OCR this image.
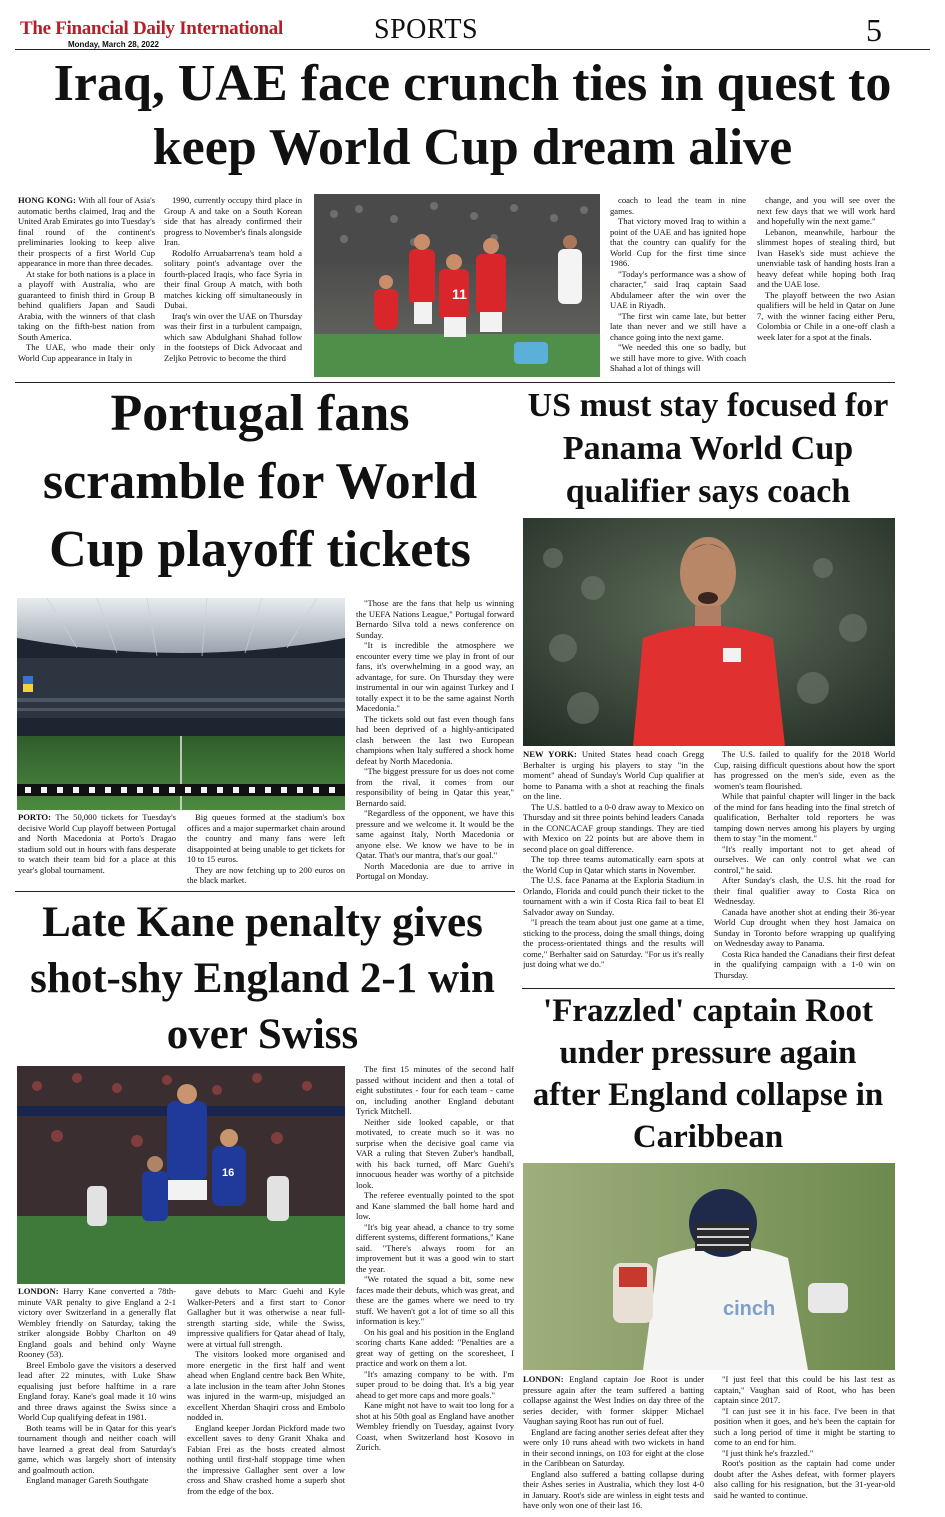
The Financial Daily International
Monday, March 28, 2022	SPORTS	5
Iraq, UAE face crunch ties in quest to keep World Cup dream alive

HONG KONG: With all four of Asia's automatic berths claimed, Iraq and the United Arab Emirates go into Tuesday's final round of the continent's preliminaries looking to keep alive their prospects of a first World Cup appearance in more than three decades.

At stake for both nations is a place in a playoff with Australia, who are guaranteed to finish third in Group B behind qualifiers Japan and Saudi Arabia, with the winners of that clash taking on the fifth-best nation from South America.

The UAE, who made their only World Cup appearance in Italy in

1990, currently occupy third place in Group A and take on a South Korean side that has already confirmed their progress to November's finals alongside Iran.

Rodolfo Arruabarrena's team hold a solitary point's advantage over the fourth-placed Iraqis, who face Syria in their final Group A match, with both matches kicking off simultaneously in Dubai.

Iraq's win over the UAE on Thursday was their first in a turbulent campaign, which saw Abdulghani Shahad follow in the footsteps of Dick Advocaat and Zeljko Petrovic to become the third

11

coach to lead the team in nine games.

That victory moved Iraq to within a point of the UAE and has ignited hope that the country can qualify for the World Cup for the first time since 1986.

"Today's performance was a show of character," said Iraq captain Saad Abdulameer after the win over the UAE in Riyadh.

"The first win came late, but better late than never and we still have a chance going into the next game.

"We needed this one so badly, but we still have more to give. With coach Shahad a lot of things will

change, and you will see over the next few days that we will work hard and hopefully win the next game."

Lebanon, meanwhile, harbour the slimmest hopes of stealing third, but Ivan Hasek's side must achieve the unenviable task of handing hosts Iran a heavy defeat while hoping both Iraq and the UAE lose.

The playoff between the two Asian qualifiers will be held in Qatar on June 7, with the winner facing either Peru, Colombia or Chile in a one-off clash a week later for a spot at the finals.

Portugal fans scramble for World Cup playoff tickets

PORTO: The 50,000 tickets for Tuesday's decisive World Cup playoff between Portugal and North Macedonia at Porto's Dragao stadium sold out in hours with fans desperate to watch their team bid for a place at this year's global tournament.

Big queues formed at the stadium's box offices and a major supermarket chain around the country and many fans were left disappointed at being unable to get tickets for 10 to 15 euros.

They are now fetching up to 200 euros on the black market.

"Those are the fans that help us winning the UEFA Nations League," Portugal forward Bernardo Silva told a news conference on Sunday.

"It is incredible the atmosphere we encounter every time we play in front of our fans, it's overwhelming in a good way, an advantage, for sure. On Thursday they were instrumental in our win against Turkey and I totally expect it to be the same against North Macedonia."

The tickets sold out fast even though fans had been deprived of a highly-anticipated clash between the last two European champions when Italy suffered a shock home defeat by North Macedonia.

"The biggest pressure for us does not come from the rival, it comes from our responsibility of being in Qatar this year," Bernardo said.

"Regardless of the opponent, we have this pressure and we welcome it. It would be the same against Italy, North Macedonia or anyone else. We know we have to be in Qatar. That's our mantra, that's our goal."

North Macedonia are due to arrive in Portugal on Monday.

US must stay focused for Panama World Cup qualifier says coach

NEW YORK: United States head coach Gregg Berhalter is urging his players to stay "in the moment" ahead of Sunday's World Cup qualifier at home to Panama with a shot at reaching the finals on the line.

The U.S. battled to a 0-0 draw away to Mexico on Thursday and sit three points behind leaders Canada in the CONCACAF group standings. They are tied with Mexico on 22 points but are above them in second place on goal difference.

The top three teams automatically earn spots at the World Cup in Qatar which starts in November.

The U.S. face Panama at the Exploria Stadium in Orlando, Florida and could punch their ticket to the tournament with a win if Costa Rica fail to beat El Salvador away on Sunday.

"I preach the team about just one game at a time, sticking to the process, doing the small things, doing the process-orientated things and the results will come," Berhalter said on Saturday. "For us it's really just doing what we do."

The U.S. failed to qualify for the 2018 World Cup, raising difficult questions about how the sport has progressed on the men's side, even as the women's team flourished.

While that painful chapter will linger in the back of the mind for fans heading into the final stretch of qualification, Berhalter told reporters he was tamping down nerves among his players by urging them to stay "in the moment."

"It's really important not to get ahead of ourselves. We can only control what we can control," he said.

After Sunday's clash, the U.S. hit the road for their final qualifier away to Costa Rica on Wednesday.

Canada have another shot at ending their 36-year World Cup drought when they host Jamaica on Sunday in Toronto before wrapping up qualifying on Wednesday away to Panama.

Costa Rica handed the Canadians their first defeat in the qualifying campaign with a 1-0 win on Thursday.

Late Kane penalty gives shot-shy England 2-1 win over Swiss
16

LONDON: Harry Kane converted a 78th-minute VAR penalty to give England a 2-1 victory over Switzerland in a generally flat Wembley friendly on Saturday, taking the striker alongside Bobby Charlton on 49 England goals and behind only Wayne Rooney (53).

Breel Embolo gave the visitors a deserved lead after 22 minutes, with Luke Shaw equalising just before halftime in a rare England foray. Kane's goal made it 10 wins and three draws against the Swiss since a World Cup qualifying defeat in 1981.

Both teams will be in Qatar for this year's tournament though and neither coach will have learned a great deal from Saturday's game, which was largely short of intensity and goalmouth action.

England manager Gareth Southgate

gave debuts to Marc Guehi and Kyle Walker-Peters and a first start to Conor Gallagher but it was otherwise a near full-strength starting side, while the Swiss, impressive qualifiers for Qatar ahead of Italy, were at virtual full strength.

The visitors looked more organised and more energetic in the first half and went ahead when England centre back Ben White, a late inclusion in the team after John Stones was injured in the warm-up, misjudged an excellent Xherdan Shaqiri cross and Embolo nodded in.

England keeper Jordan Pickford made two excellent saves to deny Granit Xhaka and Fabian Frei as the hosts created almost nothing until first-half stoppage time when the impressive Gallagher sent over a low cross and Shaw crashed home a superb shot from the edge of the box.

The first 15 minutes of the second half passed without incident and then a total of eight substitutes - four for each team - came on, including another England debutant Tyrick Mitchell.

Neither side looked capable, or that motivated, to create much so it was no surprise when the decisive goal came via VAR a ruling that Steven Zuber's handball, with his back turned, off Marc Guehi's innocuous header was worthy of a pitchside look.

The referee eventually pointed to the spot and Kane slammed the ball home hard and low.

"It's big year ahead, a chance to try some different systems, different formations," Kane said. "There's always room for an improvement but it was a good win to start the year.

"We rotated the squad a bit, some new faces made their debuts, which was great, and these are the games where we need to try stuff. We haven't got a lot of time so all this information is key."

On his goal and his position in the England scoring charts Kane added: "Penalties are a great way of getting on the scoresheet, I practice and work on them a lot.

"It's amazing company to be with. I'm super proud to be doing that. It's a big year ahead to get more caps and more goals."

Kane might not have to wait too long for a shot at his 50th goal as England have another Wembley friendly on Tuesday, against Ivory Coast, when Switzerland host Kosovo in Zurich.

'Frazzled' captain Root under pressure again after England collapse in Caribbean
cinch

LONDON: England captain Joe Root is under pressure again after the team suffered a batting collapse against the West Indies on day three of the series decider, with former skipper Michael Vaughan saying Root has run out of fuel.

England are facing another series defeat after they were only 10 runs ahead with two wickets in hand in their second innings, on 103 for eight at the close in the Caribbean on Saturday.

England also suffered a batting collapse during their Ashes series in Australia, which they lost 4-0 in January. Root's side are winless in eight tests and have only won one of their last 16.

"I just feel that this could be his last test as captain," Vaughan said of Root, who has been captain since 2017.

"I can just see it in his face. I've been in that position when it goes, and he's been the captain for such a long period of time it might be starting to come to an end for him.

"I just think he's frazzled."

Root's position as the captain had come under doubt after the Ashes defeat, with former players also calling for his resignation, but the 31-year-old said he wanted to continue.
